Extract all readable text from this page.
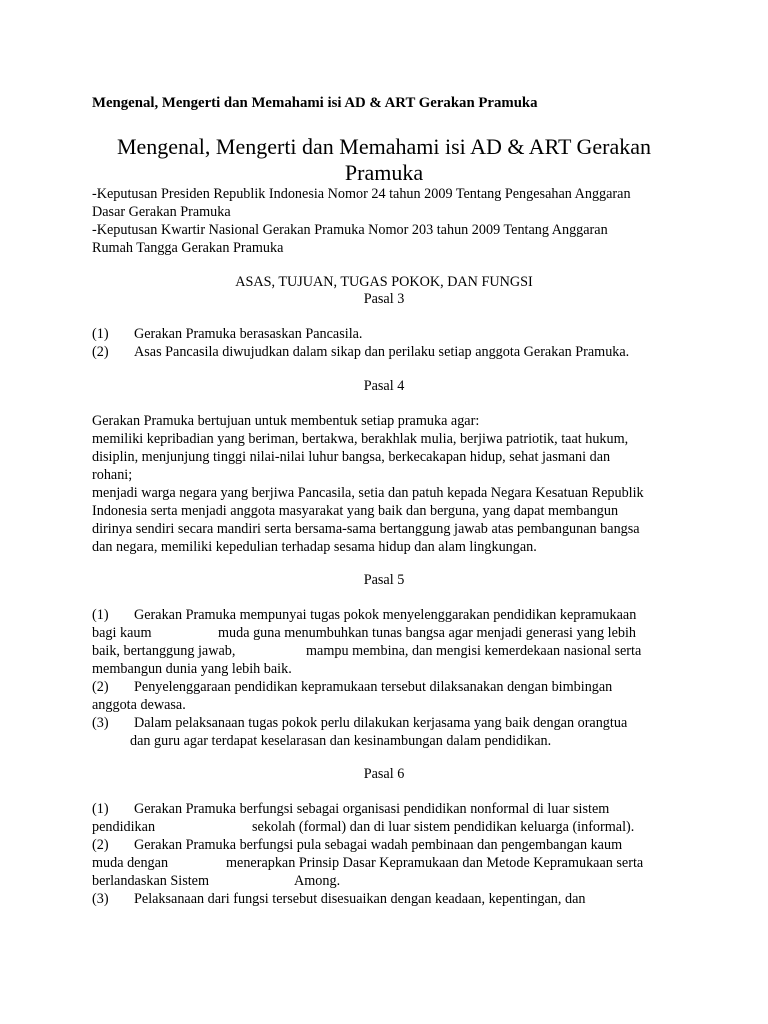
Mengenal, Mengerti dan Memahami isi AD & ART Gerakan Pramuka
Mengenal, Mengerti dan Memahami isi AD & ART Gerakan
Pramuka
-Keputusan Presiden Republik Indonesia Nomor 24 tahun 2009 Tentang Pengesahan Anggaran
Dasar Gerakan Pramuka
-Keputusan Kwartir Nasional Gerakan Pramuka Nomor 203 tahun 2009 Tentang Anggaran
Rumah Tangga Gerakan Pramuka
ASAS, TUJUAN, TUGAS POKOK, DAN FUNGSI
Pasal 3
(1) Gerakan Pramuka berasaskan Pancasila.
(2) Asas Pancasila diwujudkan dalam sikap dan perilaku setiap anggota Gerakan Pramuka.
Pasal 4
Gerakan Pramuka bertujuan untuk membentuk setiap pramuka agar:
memiliki kepribadian yang beriman, bertakwa, berakhlak mulia, berjiwa patriotik, taat hukum,
disiplin, menjunjung tinggi nilai-nilai luhur bangsa, berkecakapan hidup, sehat jasmani dan
rohani;
menjadi warga negara yang berjiwa Pancasila, setia dan patuh kepada Negara Kesatuan Republik
Indonesia serta menjadi anggota masyarakat yang baik dan berguna, yang dapat membangun
dirinya sendiri secara mandiri serta bersama-sama bertanggung jawab atas pembangunan bangsa
dan negara, memiliki kepedulian terhadap sesama hidup dan alam lingkungan.
Pasal 5
(1) Gerakan Pramuka mempunyai tugas pokok menyelenggarakan pendidikan kepramukaan
bagi kaum	muda guna menumbuhkan tunas bangsa agar menjadi generasi yang lebih
baik, bertanggung jawab,	mampu membina, dan mengisi kemerdekaan nasional serta
membangun dunia yang lebih baik.
(2) Penyelenggaraan pendidikan kepramukaan tersebut dilaksanakan dengan bimbingan
anggota dewasa.
(3) Dalam pelaksanaan tugas pokok perlu dilakukan kerjasama yang baik dengan orangtua
dan guru agar terdapat keselarasan dan kesinambungan dalam pendidikan.
Pasal 6
(1) Gerakan Pramuka berfungsi sebagai organisasi pendidikan nonformal di luar sistem
pendidikan	sekolah (formal) dan di luar sistem pendidikan keluarga (informal).
(2) Gerakan Pramuka berfungsi pula sebagai wadah pembinaan dan pengembangan kaum
muda dengan	menerapkan Prinsip Dasar Kepramukaan dan Metode Kepramukaan serta
berlandaskan Sistem	Among.
(3) Pelaksanaan dari fungsi tersebut disesuaikan dengan keadaan, kepentingan, dan
